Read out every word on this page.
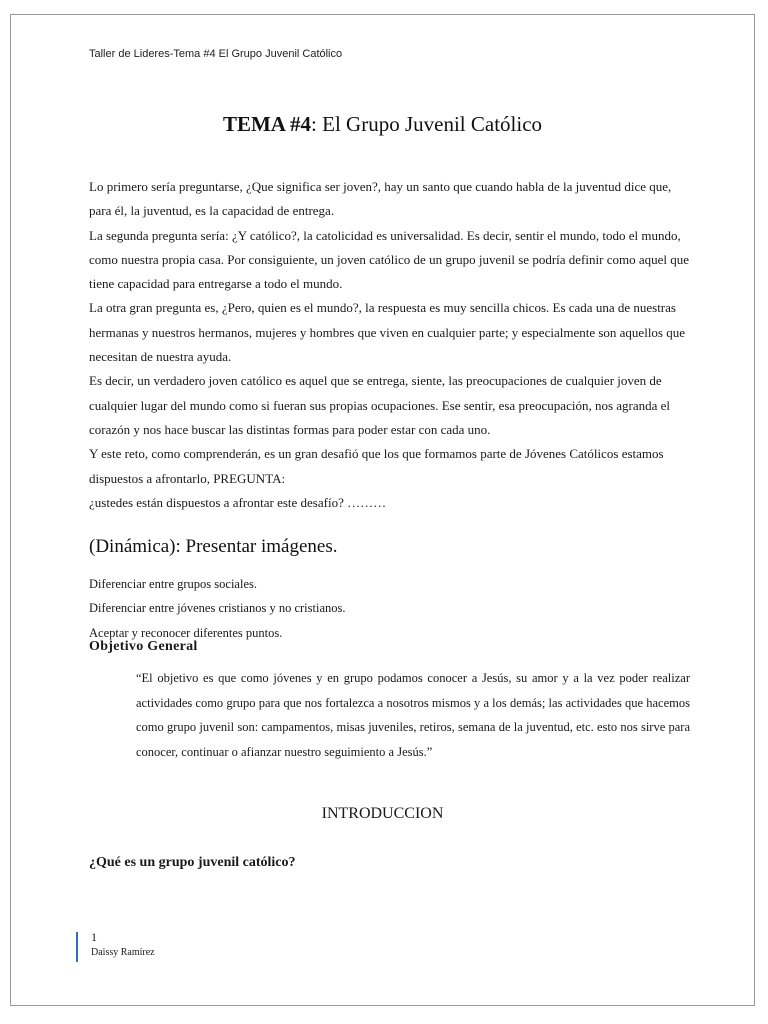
Taller de Lideres-Tema #4 El Grupo Juvenil Católico
TEMA #4: El Grupo Juvenil Católico

Lo primero sería preguntarse, ¿Que significa ser joven?, hay un santo que cuando habla de la juventud dice que, para él, la juventud, es la capacidad de entrega.

La segunda pregunta sería: ¿Y católico?, la catolicidad es universalidad. Es decir, sentir el mundo, todo el mundo, como nuestra propia casa. Por consiguiente, un joven católico de un grupo juvenil se podría definir como aquel que tiene capacidad para entregarse a todo el mundo.

La otra gran pregunta es, ¿Pero, quien es el mundo?, la respuesta es muy sencilla chicos. Es cada una de nuestras hermanas y nuestros hermanos, mujeres y hombres que viven en cualquier parte; y especialmente son aquellos que necesitan de nuestra ayuda.

Es decir, un verdadero joven católico es aquel que se entrega, siente, las preocupaciones de cualquier joven de cualquier lugar del mundo como si fueran sus propias ocupaciones. Ese sentir, esa preocupación, nos agranda el corazón y nos hace buscar las distintas formas para poder estar con cada uno.

Y este reto, como comprenderán, es un gran desafió que los que formamos parte de Jóvenes Católicos estamos dispuestos a afrontarlo, PREGUNTA:

¿ustedes están dispuestos a afrontar este desafío? ………

(Dinámica): Presentar imágenes.
Diferenciar entre grupos sociales.
Diferenciar entre jóvenes cristianos y no cristianos.
Aceptar y reconocer diferentes puntos.
Objetivo General
“El objetivo es que como jóvenes y en grupo podamos conocer a Jesús, su amor y a la vez poder realizar actividades como grupo para que nos fortalezca a nosotros mismos y a los demás; las actividades que hacemos como grupo juvenil son: campamentos, misas juveniles, retiros, semana de la juventud, etc. esto nos sirve para conocer, continuar o afianzar nuestro seguimiento a Jesús.”
INTRODUCCION
¿Qué es un grupo juvenil católico?
1
Daissy Ramírez
